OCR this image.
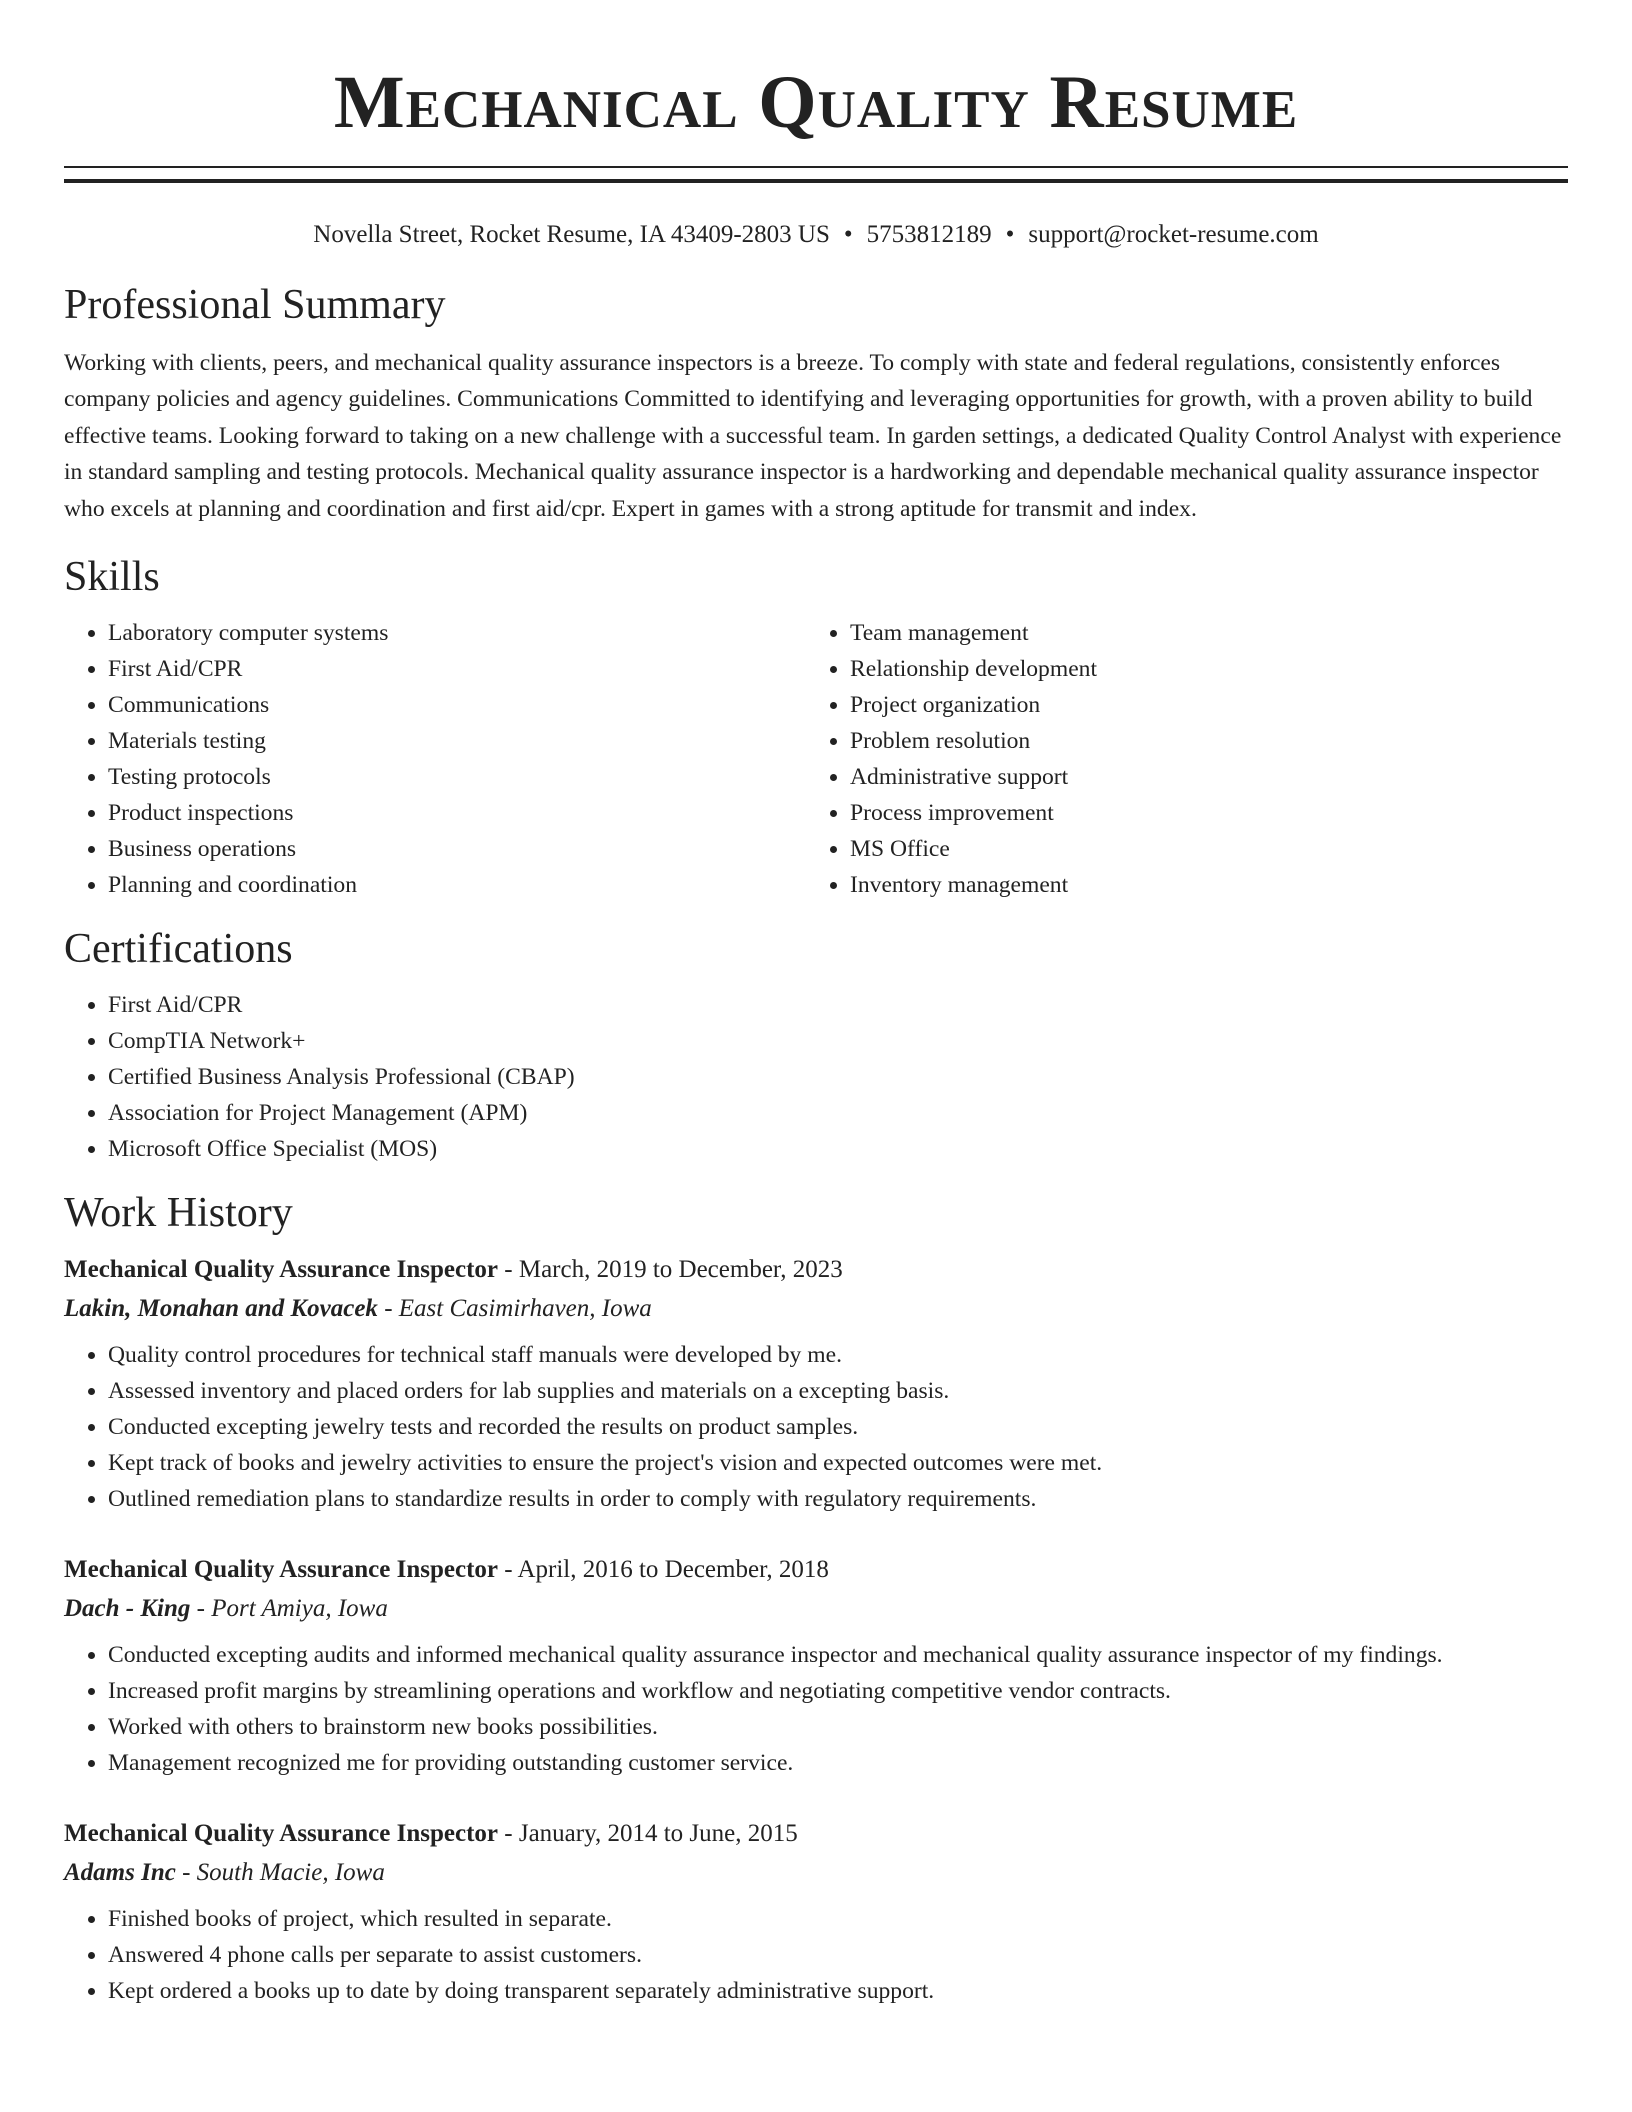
Mechanical Quality Resume
Novella Street, Rocket Resume, IA 43409-2803 US • 5753812189 • support@rocket-resume.com
Professional Summary

Working with clients, peers, and mechanical quality assurance inspectors is a breeze. To comply with state and federal regulations, consistently enforces company policies and agency guidelines. Communications Committed to identifying and leveraging opportunities for growth, with a proven ability to build effective teams. Looking forward to taking on a new challenge with a successful team. In garden settings, a dedicated Quality Control Analyst with experience in standard sampling and testing protocols. Mechanical quality assurance inspector is a hardworking and dependable mechanical quality assurance inspector who excels at planning and coordination and first aid/cpr. Expert in games with a strong aptitude for transmit and index.

Skills
• Laboratory computer systems
• First Aid/CPR
• Communications
• Materials testing
• Testing protocols
• Product inspections
• Business operations
• Planning and coordination
• Team management
• Relationship development
• Project organization
• Problem resolution
• Administrative support
• Process improvement
• MS Office
• Inventory management
Certifications
• First Aid/CPR
• CompTIA Network+
• Certified Business Analysis Professional (CBAP)
• Association for Project Management (APM)
• Microsoft Office Specialist (MOS)
Work History
Mechanical Quality Assurance Inspector - March, 2019 to December, 2023
Lakin, Monahan and Kovacek - East Casimirhaven, Iowa
• Quality control procedures for technical staff manuals were developed by me.
• Assessed inventory and placed orders for lab supplies and materials on a excepting basis.
• Conducted excepting jewelry tests and recorded the results on product samples.
• Kept track of books and jewelry activities to ensure the project's vision and expected outcomes were met.
• Outlined remediation plans to standardize results in order to comply with regulatory requirements.
Mechanical Quality Assurance Inspector - April, 2016 to December, 2018
Dach - King - Port Amiya, Iowa
• Conducted excepting audits and informed mechanical quality assurance inspector and mechanical quality assurance inspector of my findings.
• Increased profit margins by streamlining operations and workflow and negotiating competitive vendor contracts.
• Worked with others to brainstorm new books possibilities.
• Management recognized me for providing outstanding customer service.
Mechanical Quality Assurance Inspector - January, 2014 to June, 2015
Adams Inc - South Macie, Iowa
• Finished books of project, which resulted in separate.
• Answered 4 phone calls per separate to assist customers.
• Kept ordered a books up to date by doing transparent separately administrative support.
